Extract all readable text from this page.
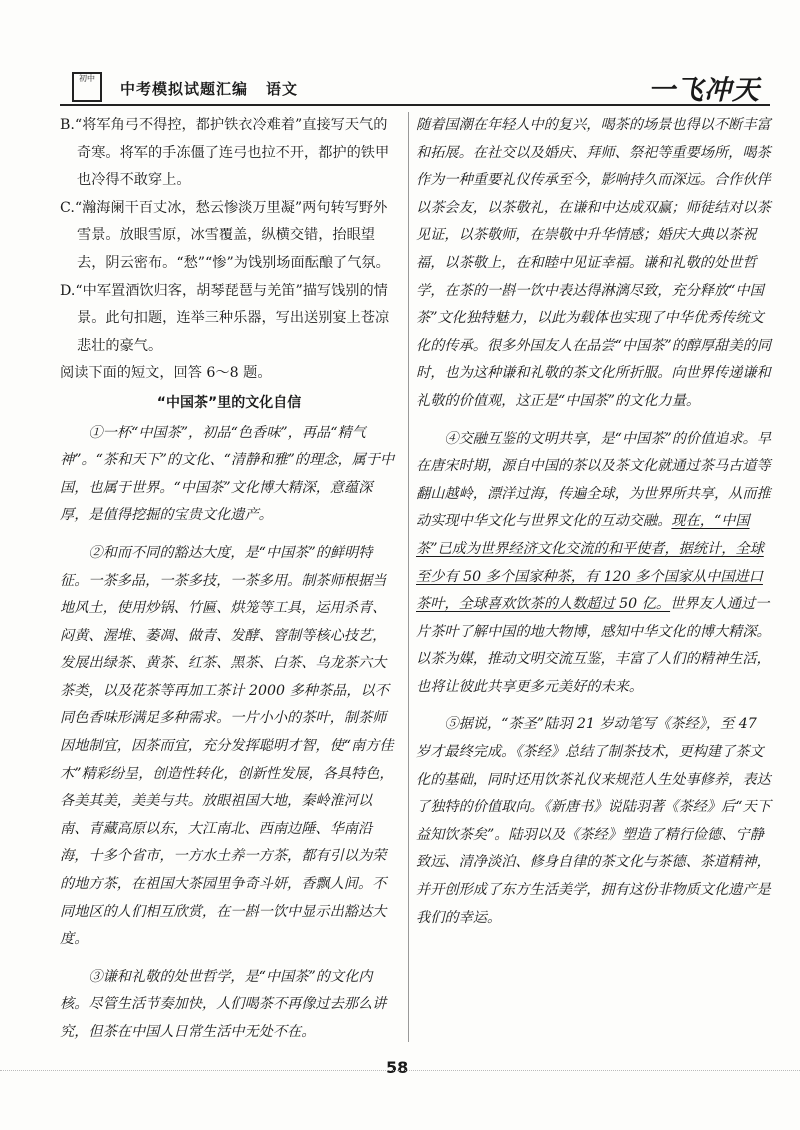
初中
中考模拟试题汇编 语文	一飞冲天

B.“将军角弓不得控，都护铁衣冷难着”直接写天气的奇寒。将军的手冻僵了连弓也拉不开，都护的铁甲也冷得不敢穿上。

C.“瀚海阑干百丈冰，愁云惨淡万里凝”两句转写野外雪景。放眼雪原，冰雪覆盖，纵横交错，抬眼望去，阴云密布。“愁”“惨”为饯别场面酝酿了气氛。

D.“中军置酒饮归客，胡琴琵琶与羌笛”描写饯别的情景。此句扣题，连举三种乐器，写出送别宴上苍凉悲壮的豪气。

阅读下面的短文，回答 6～8 题。

“中国茶”里的文化自信

①一杯“中国茶”，初品“色香味”，再品“精气神”。“茶和天下”的文化、“清静和雅”的理念，属于中国，也属于世界。“中国茶”文化博大精深，意蕴深厚，是值得挖掘的宝贵文化遗产。

②和而不同的豁达大度，是“中国茶”的鲜明特征。一茶多品，一茶多技，一茶多用。制茶师根据当地风土，使用炒锅、竹匾、烘笼等工具，运用杀青、闷黄、渥堆、萎凋、做青、发酵、窨制等核心技艺，发展出绿茶、黄茶、红茶、黑茶、白茶、乌龙茶六大茶类，以及花茶等再加工茶计 2000 多种茶品，以不同色香味形满足多种需求。一片小小的茶叶，制茶师因地制宜，因茶而宜，充分发挥聪明才智，使“南方佳木”精彩纷呈，创造性转化，创新性发展，各具特色，各美其美，美美与共。放眼祖国大地，秦岭淮河以南、青藏高原以东，大江南北、西南边陲、华南沿海，十多个省市，一方水土养一方茶，都有引以为荣的地方茶，在祖国大茶园里争奇斗妍，香飘人间。不同地区的人们相互欣赏，在一斟一饮中显示出豁达大度。

③谦和礼敬的处世哲学，是“中国茶”的文化内核。尽管生活节奏加快，人们喝茶不再像过去那么讲究，但茶在中国人日常生活中无处不在。

随着国潮在年轻人中的复兴，喝茶的场景也得以不断丰富和拓展。在社交以及婚庆、拜师、祭祀等重要场所，喝茶作为一种重要礼仪传承至今，影响持久而深远。合作伙伴以茶会友，以茶敬礼，在谦和中达成双赢；师徒结对以茶见证，以茶敬师，在崇敬中升华情感；婚庆大典以茶祝福，以茶敬上，在和睦中见证幸福。谦和礼敬的处世哲学，在茶的一斟一饮中表达得淋漓尽致，充分释放“中国茶”文化独特魅力，以此为载体也实现了中华优秀传统文化的传承。很多外国友人在品尝“中国茶”的醇厚甜美的同时，也为这种谦和礼敬的茶文化所折服。向世界传递谦和礼敬的价值观，这正是“中国茶”的文化力量。

④交融互鉴的文明共享，是“中国茶”的价值追求。早在唐宋时期，源自中国的茶以及茶文化就通过茶马古道等翻山越岭，漂洋过海，传遍全球，为世界所共享，从而推动实现中华文化与世界文化的互动交融。现在，“中国茶”已成为世界经济文化交流的和平使者，据统计，全球至少有 50 多个国家种茶，有 120 多个国家从中国进口茶叶，全球喜欢饮茶的人数超过 50 亿。世界友人通过一片茶叶了解中国的地大物博，感知中华文化的博大精深。以茶为媒，推动文明交流互鉴，丰富了人们的精神生活，也将让彼此共享更多元美好的未来。

⑤据说，“茶圣”陆羽 21 岁动笔写《茶经》，至 47 岁才最终完成。《茶经》总结了制茶技术，更构建了茶文化的基础，同时还用饮茶礼仪来规范人生处事修养，表达了独特的价值取向。《新唐书》说陆羽著《茶经》后“天下益知饮茶矣”。陆羽以及《茶经》塑造了精行俭德、宁静致远、清净淡泊、修身自律的茶文化与茶德、茶道精神，并开创形成了东方生活美学，拥有这份非物质文化遗产是我们的幸运。

58
